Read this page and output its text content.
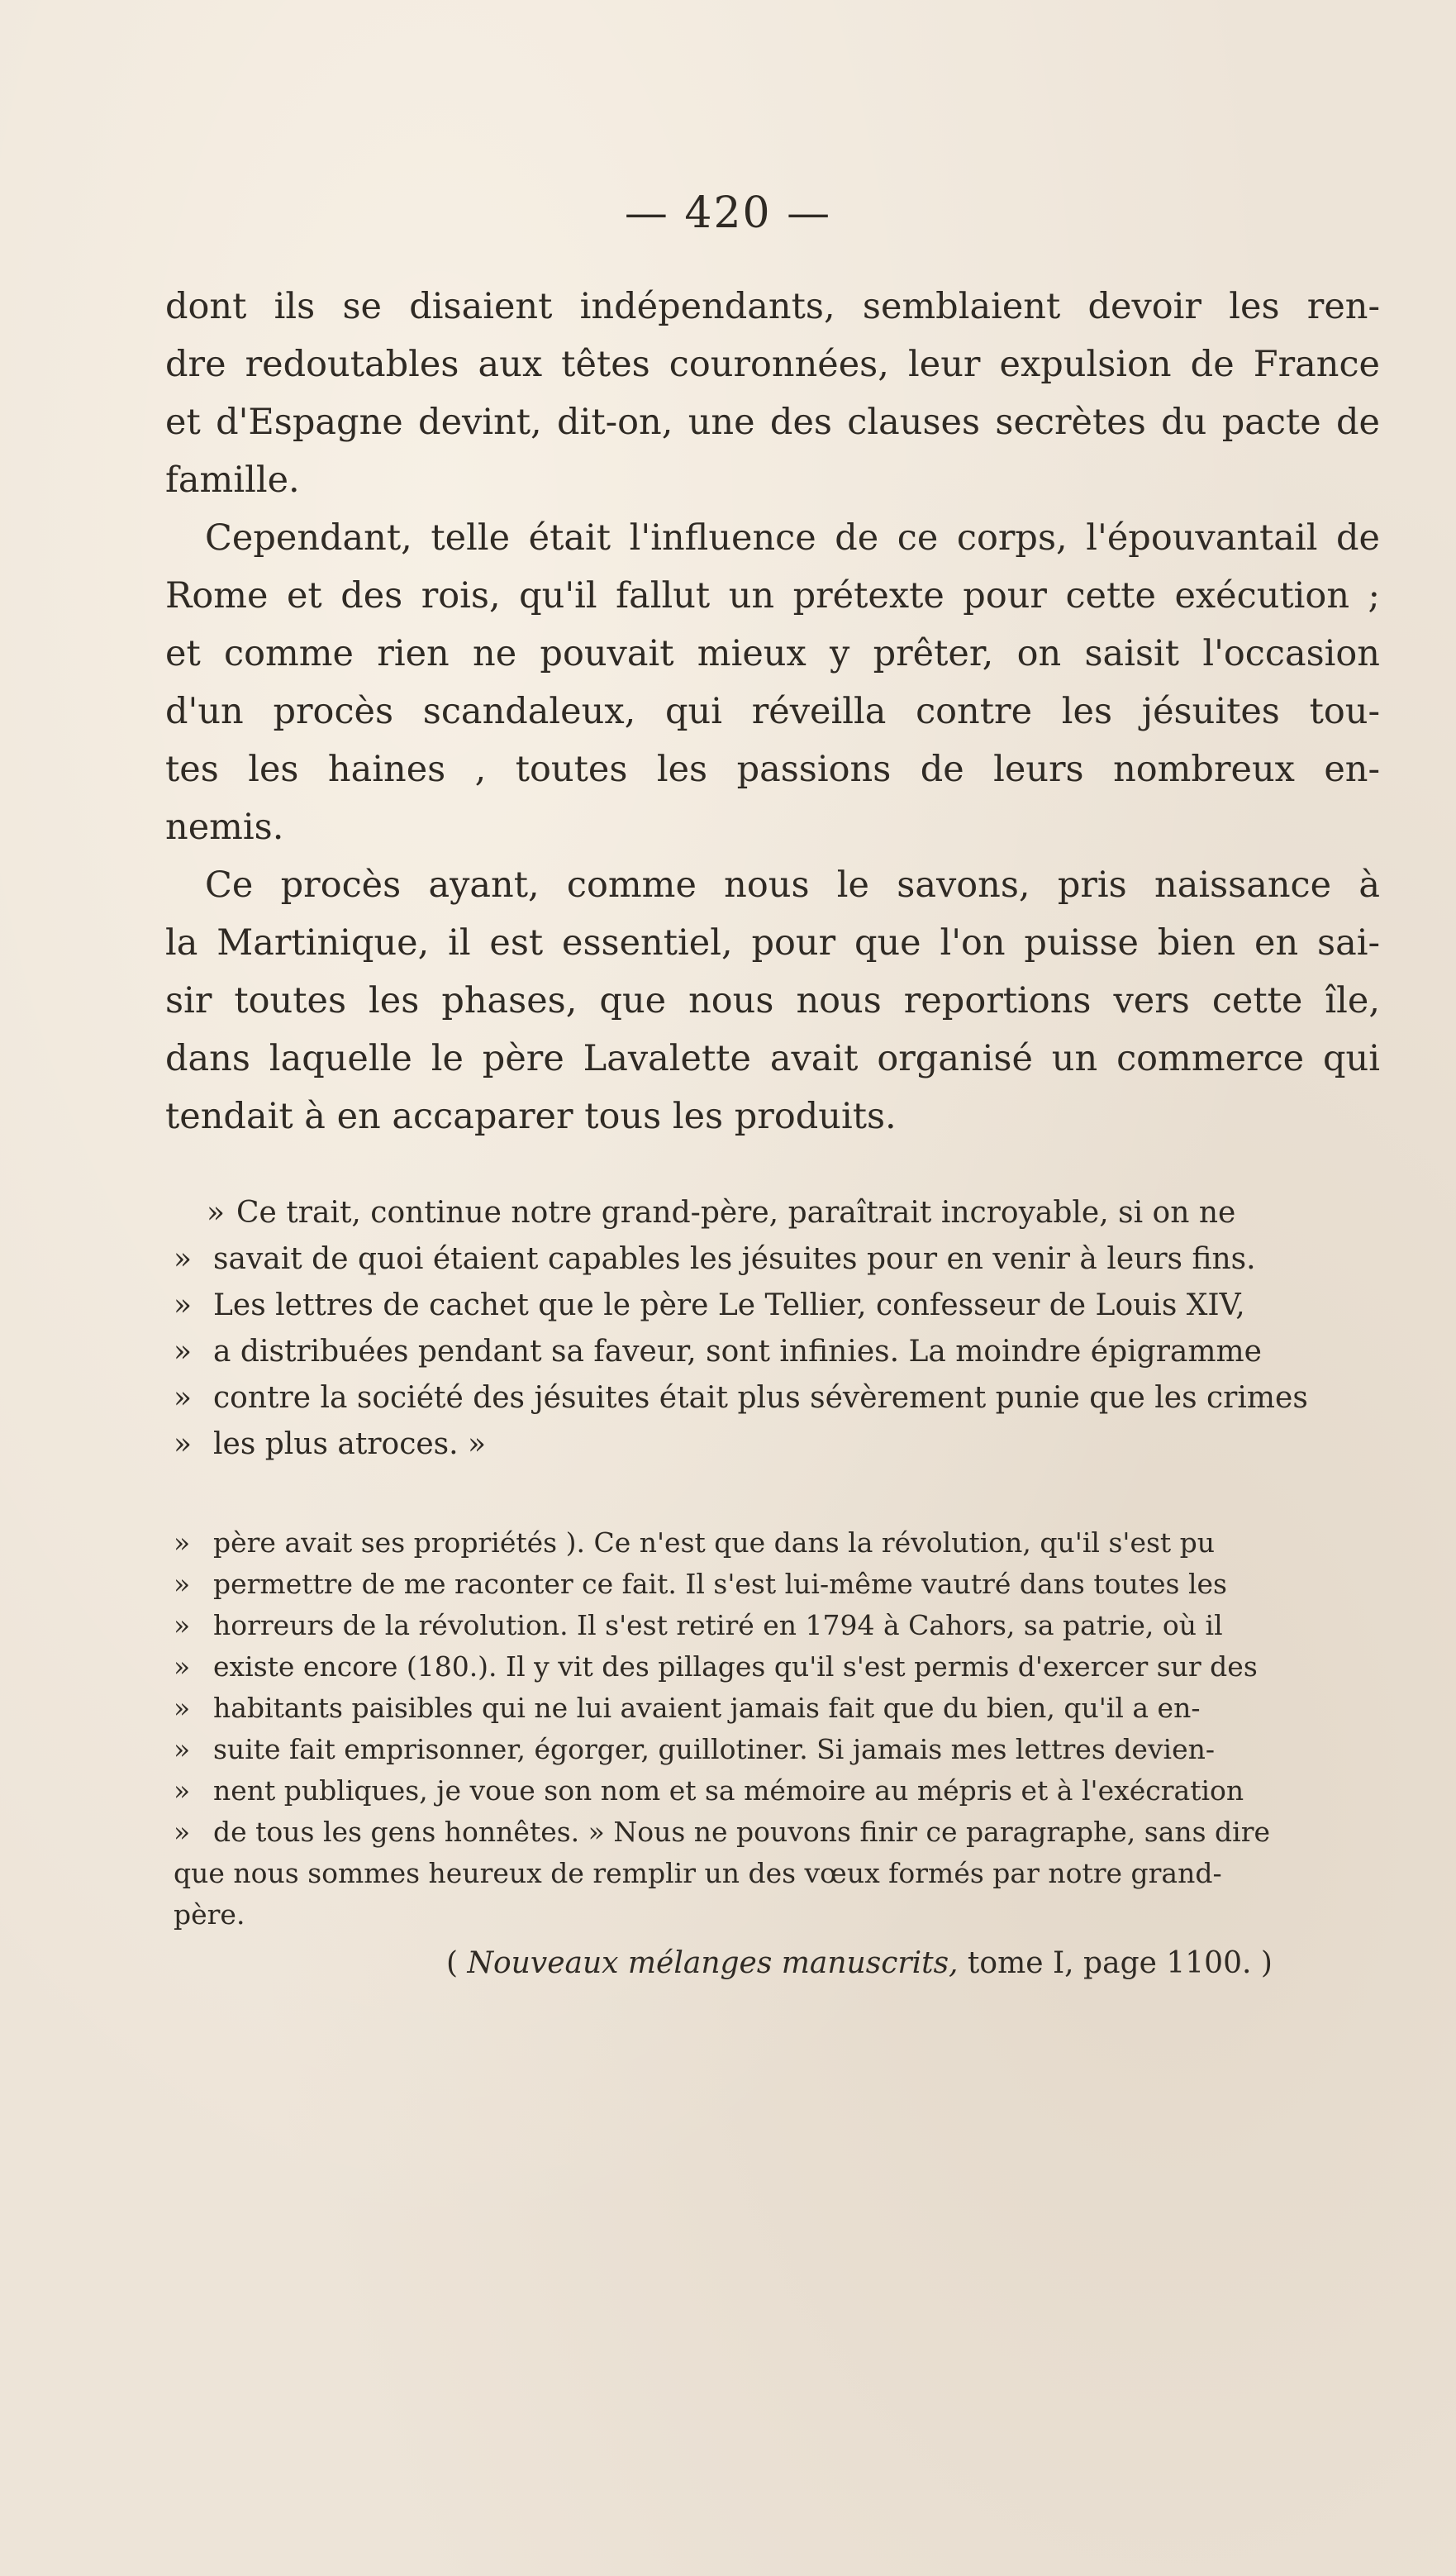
— 420 —
dont ils se disaient indépendants, semblaient devoir les ren-
dre redoutables aux têtes couronnées, leur expulsion de France
et d'Espagne devint, dit-on, une des clauses secrètes du pacte de
famille.
Cependant, telle était l'influence de ce corps, l'épouvantail de
Rome et des rois, qu'il fallut un prétexte pour cette exécution ;
et comme rien ne pouvait mieux y prêter, on saisit l'occasion
d'un procès scandaleux, qui réveilla contre les jésuites tou-
tes les haines , toutes les passions de leurs nombreux en-
nemis.
Ce procès ayant, comme nous le savons, pris naissance à
la Martinique, il est essentiel, pour que l'on puisse bien en sai-
sir toutes les phases, que nous nous reportions vers cette île,
dans laquelle le père Lavalette avait organisé un commerce qui
tendait à en accaparer tous les produits.
» Ce trait, continue notre grand-père, paraîtrait incroyable, si on ne
» savait de quoi étaient capables les jésuites pour en venir à leurs fins.
» Les lettres de cachet que le père Le Tellier, confesseur de Louis XIV,
» a distribuées pendant sa faveur, sont infinies. La moindre épigramme
» contre la société des jésuites était plus sévèrement punie que les crimes
» les plus atroces. »
» père avait ses propriétés ). Ce n'est que dans la révolution, qu'il s'est pu
» permettre de me raconter ce fait. Il s'est lui-même vautré dans toutes les
» horreurs de la révolution. Il s'est retiré en 1794 à Cahors, sa patrie, où il
» existe encore (180.). Il y vit des pillages qu'il s'est permis d'exercer sur des
» habitants paisibles qui ne lui avaient jamais fait que du bien, qu'il a en-
» suite fait emprisonner, égorger, guillotiner. Si jamais mes lettres devien-
» nent publiques, je voue son nom et sa mémoire au mépris et à l'exécration
» de tous les gens honnêtes. » Nous ne pouvons finir ce paragraphe, sans dire
que nous sommes heureux de remplir un des vœux formés par notre grand-
père.
( Nouveaux mélanges manuscrits, tome I, page 1100. )
